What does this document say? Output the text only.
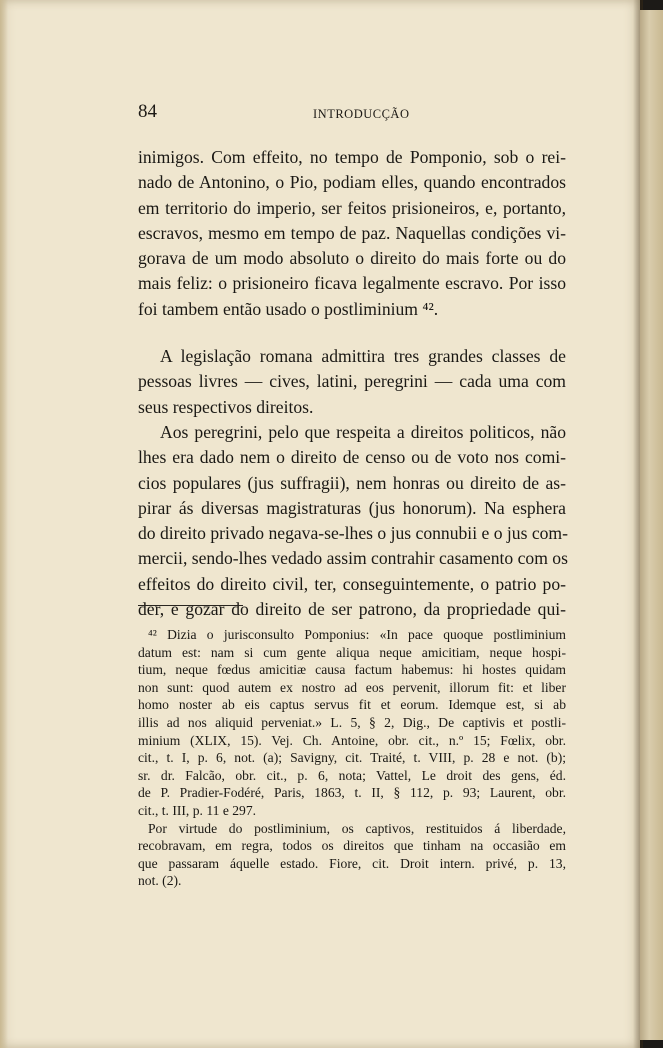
84	INTRODUCÇÃO
inimigos. Com effeito, no tempo de Pomponio, sob o rei-
nado de Antonino, o Pio, podiam elles, quando encontrados
em territorio do imperio, ser feitos prisioneiros, e, portanto,
escravos, mesmo em tempo de paz. Naquellas condições vi-
gorava de um modo absoluto o direito do mais forte ou do
mais feliz: o prisioneiro ficava legalmente escravo. Por isso
foi tambem então usado o postliminium ⁴².
A legislação romana admittira tres grandes classes de
pessoas livres — cives, latini, peregrini — cada uma com
seus respectivos direitos.
Aos peregrini, pelo que respeita a direitos politicos, não
lhes era dado nem o direito de censo ou de voto nos comi-
cios populares (jus suffragii), nem honras ou direito de as-
pirar ás diversas magistraturas (jus honorum). Na esphera
do direito privado negava-se-lhes o jus connubii e o jus com-
mercii, sendo-lhes vedado assim contrahir casamento com os
effeitos do direito civil, ter, conseguintemente, o patrio po-
der, e gozar do direito de ser patrono, da propriedade qui-
⁴² Dizia o jurisconsulto Pomponius: «In pace quoque postliminium
datum est: nam si cum gente aliqua neque amicitiam, neque hospi-
tium, neque fœdus amicitiæ causa factum habemus: hi hostes quidam
non sunt: quod autem ex nostro ad eos pervenit, illorum fit: et liber
homo noster ab eis captus servus fit et eorum. Idemque est, si ab
illis ad nos aliquid perveniat.» L. 5, § 2, Dig., De captivis et postli-
minium (XLIX, 15). Vej. Ch. Antoine, obr. cit., n.º 15; Fœlix, obr.
cit., t. I, p. 6, not. (a); Savigny, cit. Traité, t. VIII, p. 28 e not. (b);
sr. dr. Falcão, obr. cit., p. 6, nota; Vattel, Le droit des gens, éd.
de P. Pradier-Fodéré, Paris, 1863, t. II, § 112, p. 93; Laurent, obr.
cit., t. III, p. 11 e 297.
Por virtude do postliminium, os captivos, restituidos á liberdade,
recobravam, em regra, todos os direitos que tinham na occasião em
que passaram áquelle estado. Fiore, cit. Droit intern. privé, p. 13,
not. (2).
